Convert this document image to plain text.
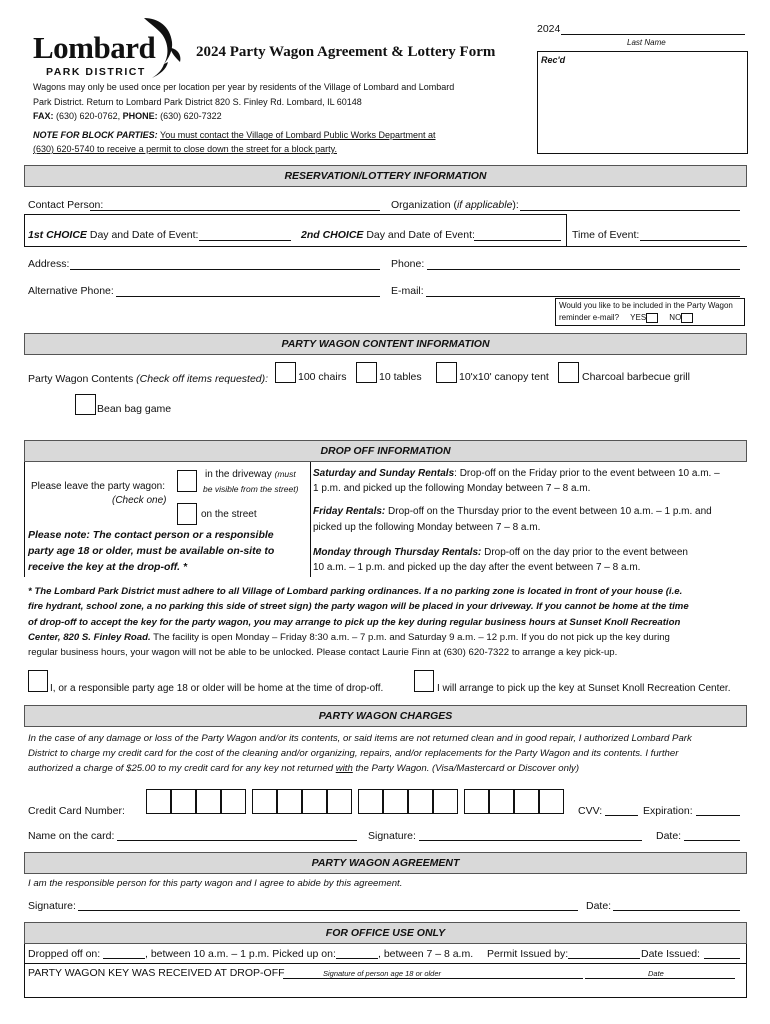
Lombard
PARK DISTRICT
2024 Party Wagon Agreement & Lottery Form
2024
Last Name
Rec'd
Wagons may only be used once per location per year by residents of the Village of Lombard and Lombard
Park District. Return to Lombard Park District 820 S. Finley Rd. Lombard, IL 60148
FAX: (630) 620-0762, PHONE: (630) 620-7322
NOTE FOR BLOCK PARTIES: You must contact the Village of Lombard Public Works Department at
(630) 620-5740 to receive a permit to close down the street for a block party.
RESERVATION/LOTTERY INFORMATION
Contact Person:	Organization (if applicable):
1st CHOICE Day and Date of Event:	2nd CHOICE Day and Date of Event:	Time of Event:
Address:	Phone:
Alternative Phone:	E-mail:
Would you like to be included in the Party Wagon
reminder e-mail? YES	NO
PARTY WAGON CONTENT INFORMATION
Party Wagon Contents (Check off items requested):	100 chairs	10 tables	10'x10' canopy tent	Charcoal barbecue grill
Bean bag game
DROP OFF INFORMATION
Please leave the party wagon:
(Check one)
in the driveway (must
be visible from the street)
on the street
Please note: The contact person or a responsible
party age 18 or older, must be available on-site to
receive the key at the drop-off. *
Saturday and Sunday Rentals: Drop-off on the Friday prior to the event between 10 a.m. –
1 p.m. and picked up the following Monday between 7 – 8 a.m.
Friday Rentals: Drop-off on the Thursday prior to the event between 10 a.m. – 1 p.m. and
picked up the following Monday between 7 – 8 a.m.
Monday through Thursday Rentals: Drop-off on the day prior to the event between
10 a.m. – 1 p.m. and picked up the day after the event between 7 – 8 a.m.
* The Lombard Park District must adhere to all Village of Lombard parking ordinances. If a no parking zone is located in front of your house (i.e.
fire hydrant, school zone, a no parking this side of street sign) the party wagon will be placed in your driveway. If you cannot be home at the time
of drop-off to accept the key for the party wagon, you may arrange to pick up the key during regular business hours at Sunset Knoll Recreation
Center, 820 S. Finley Road. The facility is open Monday – Friday 8:30 a.m. – 7 p.m. and Saturday 9 a.m. – 12 p.m. If you do not pick up the key during
regular business hours, your wagon will not be able to be unlocked. Please contact Laurie Finn at (630) 620-7322 to arrange a key pick-up.
I, or a responsible party age 18 or older will be home at the time of drop-off.	I will arrange to pick up the key at Sunset Knoll Recreation Center.
PARTY WAGON CHARGES
In the case of any damage or loss of the Party Wagon and/or its contents, or said items are not returned clean and in good repair, I authorized Lombard Park
District to charge my credit card for the cost of the cleaning and/or organizing, repairs, and/or replacements for the Party Wagon and its contents. I further
authorized a charge of $25.00 to my credit card for any key not returned with the Party Wagon. (Visa/Mastercard or Discover only)
Credit Card Number:	CVV:	Expiration:
Name on the card:	Signature:	Date:
PARTY WAGON AGREEMENT
I am the responsible person for this party wagon and I agree to abide by this agreement.
Signature:	Date:
FOR OFFICE USE ONLY
Dropped off on:	, between 10 a.m. – 1 p.m. Picked up on:	, between 7 – 8 a.m. Permit Issued by:	Date Issued:
PARTY WAGON KEY WAS RECEIVED AT DROP-OFF	Signature of person age 18 or older	Date
